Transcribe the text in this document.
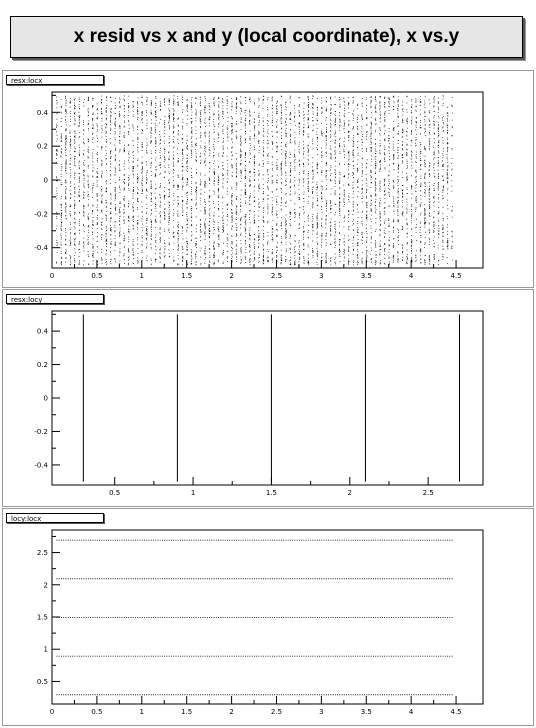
x resid vs x and y (local coordinate), x vs.y
0	0.5	1	1.5	2	2.5	3	3.5	4	4.5
-0.4
-0.2
0
0.2
0.4
0.5	1	1.5	2	2.5
-0.4
-0.2
0
0.2
0.4
0	0.5	1	1.5	2	2.5	3	3.5	4	4.5
0.5
1
1.5
2
2.5
resx:locx
resx:locy
locy:locx
